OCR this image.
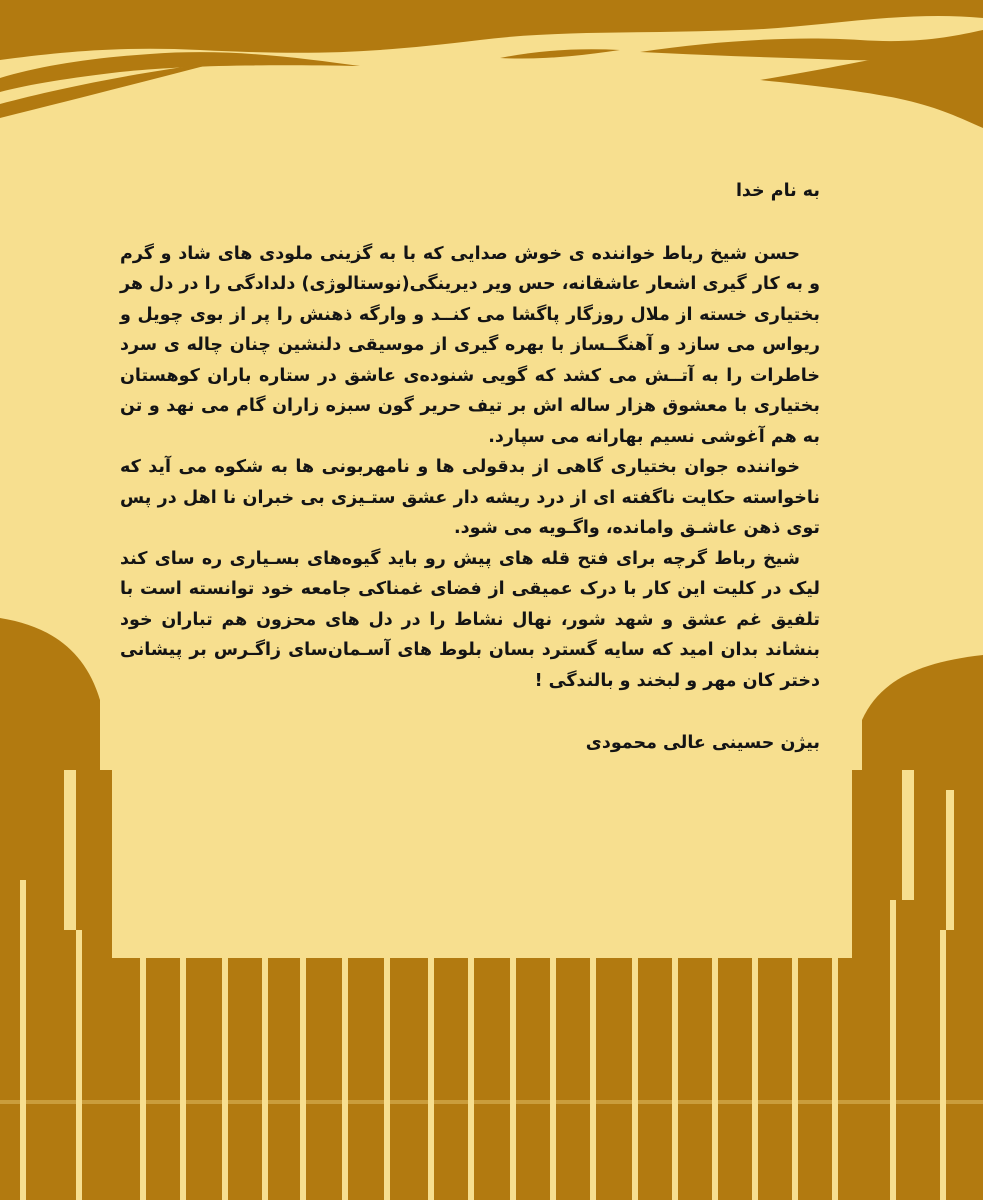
به نام خدا

حسن شیخ رباط خواننده ی خوش صدایی که با به گزینی ملودی های شاد و گرم و به کار گیری اشعار عاشقانه، حس ویر دیرینگی(نوستالوژی) دلدادگی را در دل هر بختیاری خسته از ملال روزگار پاگشا می کنــد و وارگه ذهنش را پر از بوی چویل و ریواس می سازد و آهنگــساز با بهره گیری از موسیقی دلنشین چنان چاله ی سرد خاطرات را به آتــش می کشد که گویی شنوده‌ی عاشق در ستاره باران کوهستان بختیاری با معشوق هزار ساله اش بر تیف حریر گون سبزه زاران گام می نهد و تن به هم آغوشی نسیم بهارانه می سپارد.

خواننده جوان بختیاری گاهی از بدقولی ها و نامهربونی ها به شکوه می آید که ناخواسته حکایت ناگفته ای از درد ریشه دار عشق ستـیزی بی خبران نا اهل در پس توی ذهن عاشـق وامانده، واگـویه می شود.

شیخ رباط گرچه برای فتح قله های پیش رو باید گیوه‌های بسـیاری ره سای کند لیک در کلیت این کار با درک عمیقی از فضای غمناکی جامعه خود توانسته است با تلفیق غم عشق و شهد شور، نهال نشاط را در دل های محزون هم تباران خود بنشاند بدان امید که سایه گسترد بسان بلوط های آسـمان‌سای زاگـرس بر پیشانی دختر کان مهر و لبخند و بالندگی !

بیژن حسینی عالی محمودی
